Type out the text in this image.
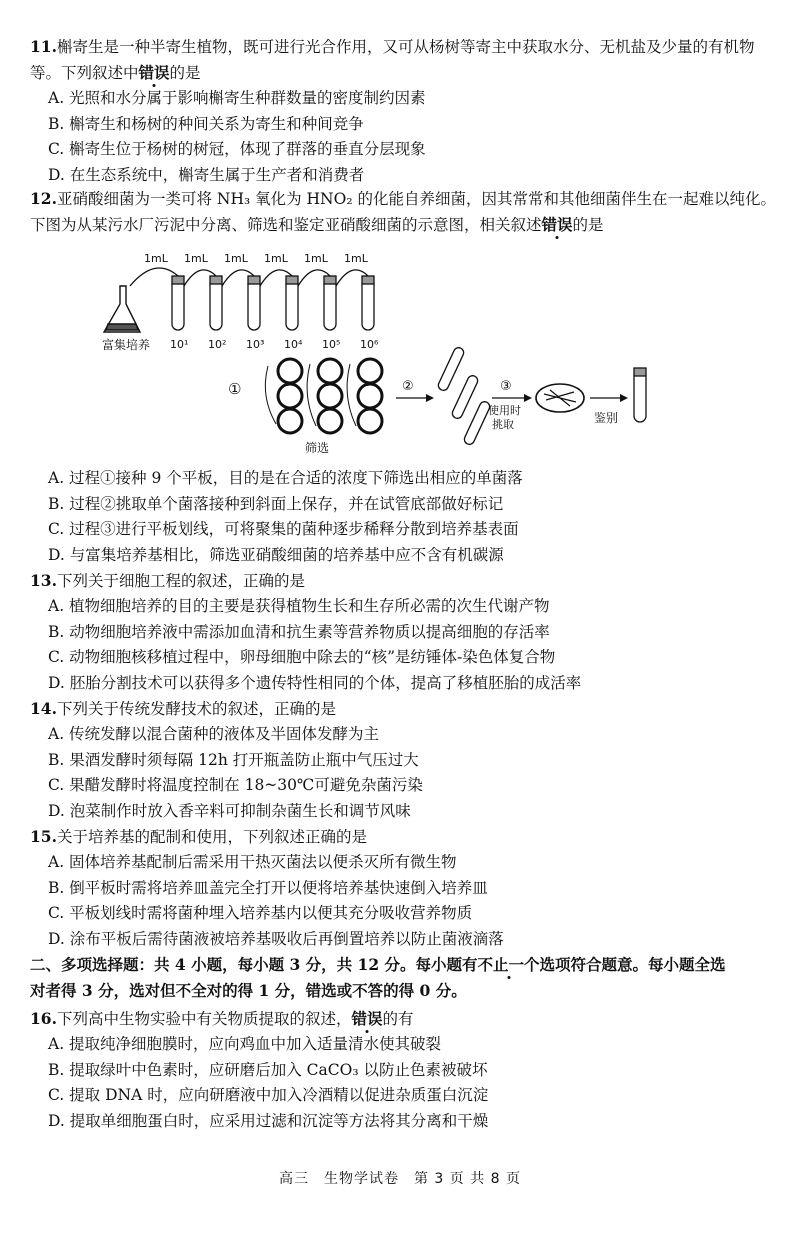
11.槲寄生是一种半寄生植物，既可进行光合作用，又可从杨树等寄主中获取水分、无机盐及少量的有机物等。下列叙述中错误的是

A. 光照和水分属于影响槲寄生种群数量的密度制约因素
B. 槲寄生和杨树的种间关系为寄生和种间竞争
C. 槲寄生位于杨树的树冠，体现了群落的垂直分层现象
D. 在生态系统中，槲寄生属于生产者和消费者

12.亚硝酸细菌为一类可将 NH₃ 氧化为 HNO₂ 的化能自养细菌，因其常常和其他细菌伴生在一起难以纯化。下图为从某污水厂污泥中分离、筛选和鉴定亚硝酸细菌的示意图，相关叙述错误的是

1mL 1mL 1mL 1mL 1mL 1mL
富集培养 10¹ 10² 10³ 10⁴ 10⁵ 10⁶
①
筛选
②	③
使用时
挑取	鉴别
A. 过程①接种 9 个平板，目的是在合适的浓度下筛选出相应的单菌落
B. 过程②挑取单个菌落接种到斜面上保存，并在试管底部做好标记
C. 过程③进行平板划线，可将聚集的菌种逐步稀释分散到培养基表面
D. 与富集培养基相比，筛选亚硝酸细菌的培养基中应不含有机碳源

13.下列关于细胞工程的叙述，正确的是

A. 植物细胞培养的目的主要是获得植物生长和生存所必需的次生代谢产物
B. 动物细胞培养液中需添加血清和抗生素等营养物质以提高细胞的存活率
C. 动物细胞核移植过程中，卵母细胞中除去的“核”是纺锤体-染色体复合物
D. 胚胎分割技术可以获得多个遗传特性相同的个体，提高了移植胚胎的成活率

14.下列关于传统发酵技术的叙述，正确的是

A. 传统发酵以混合菌种的液体及半固体发酵为主
B. 果酒发酵时须每隔 12h 打开瓶盖防止瓶中气压过大
C. 果醋发酵时将温度控制在 18~30℃可避免杂菌污染
D. 泡菜制作时放入香辛料可抑制杂菌生长和调节风味

15.关于培养基的配制和使用，下列叙述正确的是

A. 固体培养基配制后需采用干热灭菌法以便杀灭所有微生物
B. 倒平板时需将培养皿盖完全打开以便将培养基快速倒入培养皿
C. 平板划线时需将菌种埋入培养基内以便其充分吸收营养物质
D. 涂布平板后需待菌液被培养基吸收后再倒置培养以防止菌液滴落
二、多项选择题：共 4 小题，每小题 3 分，共 12 分。每小题有不止一个选项符合题意。每小题全选
对者得 3 分，选对但不全对的得 1 分，错选或不答的得 0 分。

16.下列高中生物实验中有关物质提取的叙述，错误的有

A. 提取纯净细胞膜时，应向鸡血中加入适量清水使其破裂
B. 提取绿叶中色素时，应研磨后加入 CaCO₃ 以防止色素被破坏
C. 提取 DNA 时，应向研磨液中加入冷酒精以促进杂质蛋白沉淀
D. 提取单细胞蛋白时，应采用过滤和沉淀等方法将其分离和干燥
高三　生物学试卷　第 3 页 共 8 页
